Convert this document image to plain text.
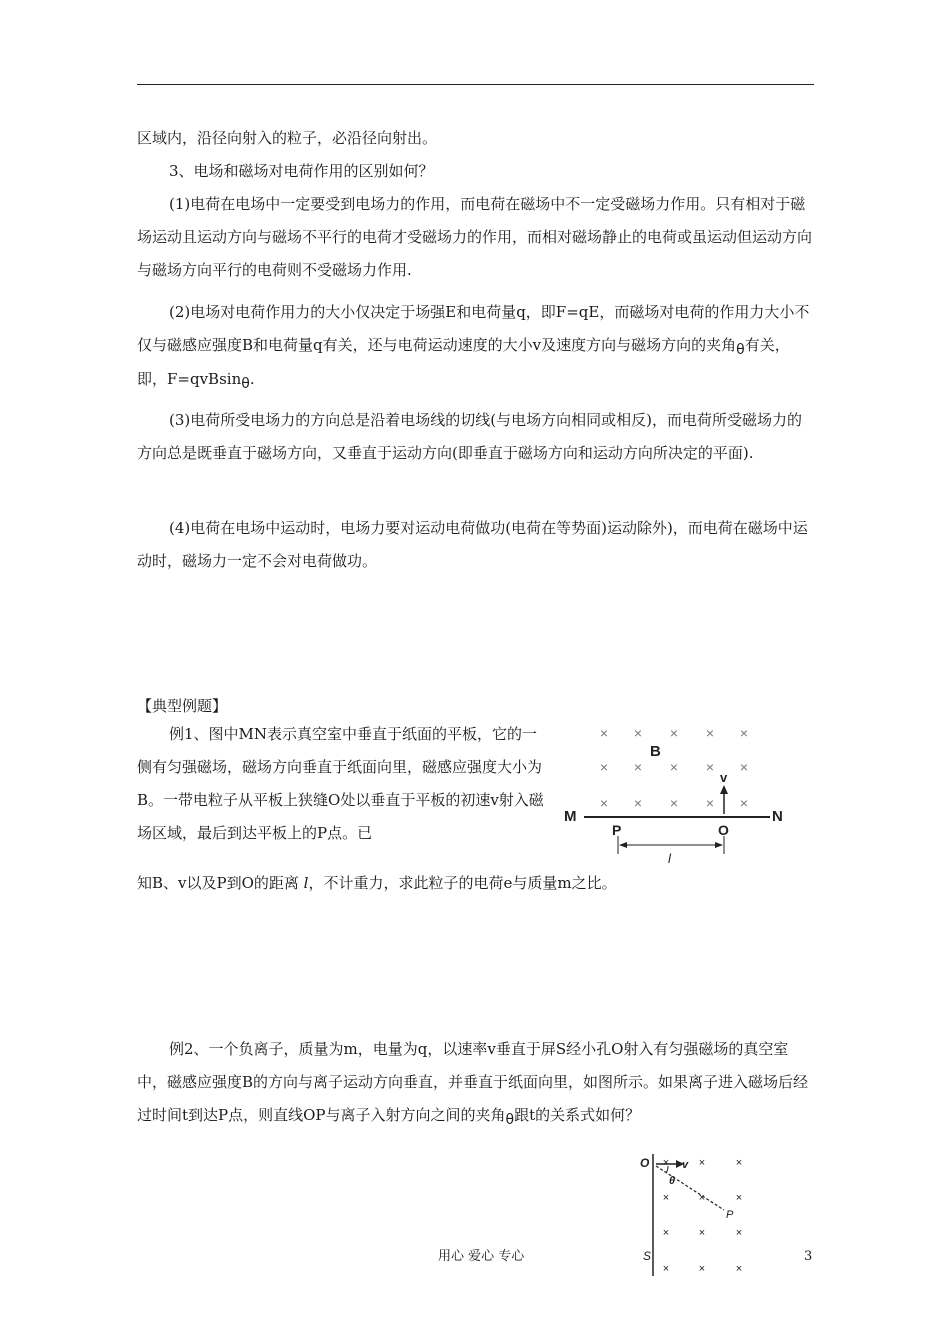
区域内，沿径向射入的粒子，必沿径向射出。

3、电场和磁场对电荷作用的区别如何？

(1)电荷在电场中一定要受到电场力的作用，而电荷在磁场中不一定受磁场力作用。只有相对于磁场运动且运动方向与磁场不平行的电荷才受磁场力的作用，而相对磁场静止的电荷或虽运动但运动方向与磁场方向平行的电荷则不受磁场力作用.

(2)电场对电荷作用力的大小仅决定于场强E和电荷量q，即F=qE，而磁场对电荷的作用力大小不仅与磁感应强度B和电荷量q有关，还与电荷运动速度的大小v及速度方向与磁场方向的夹角θ有关，即，F=qvBsinθ.

(3)电荷所受电场力的方向总是沿着电场线的切线(与电场方向相同或相反)，而电荷所受磁场力的方向总是既垂直于磁场方向，又垂直于运动方向(即垂直于磁场方向和运动方向所决定的平面).

(4)电荷在电场中运动时，电场力要对运动电荷做功(电荷在等势面)运动除外)，而电荷在磁场中运动时，磁场力一定不会对电荷做功。

【典型例题】

例1、图中MN表示真空室中垂直于纸面的平板，它的一侧有匀强磁场，磁场方向垂直于纸面向里，磁感应强度大小为B。一带电粒子从平板上狭缝O处以垂直于平板的初速v射入磁场区域，最后到达平板上的P点。已

知B、v以及P到O的距离 l，不计重力，求此粒子的电荷e与质量m之比。

× × × × ×
× × × × ×
× × × × ×
B
M	N
v
P	O
l

例2、一个负离子，质量为m，电量为q，以速率v垂直于屏S经小孔O射入有匀强磁场的真空室中，磁感应强度B的方向与离子运动方向垂直，并垂直于纸面向里，如图所示。如果离子进入磁场后经过时间t到达P点，则直线OP与离子入射方向之间的夹角θ跟t的关系式如何？

O	v
θ
P
S
×	×	×
×	×	×
×	×	×
×	×	×
用心 爱心 专心	3
